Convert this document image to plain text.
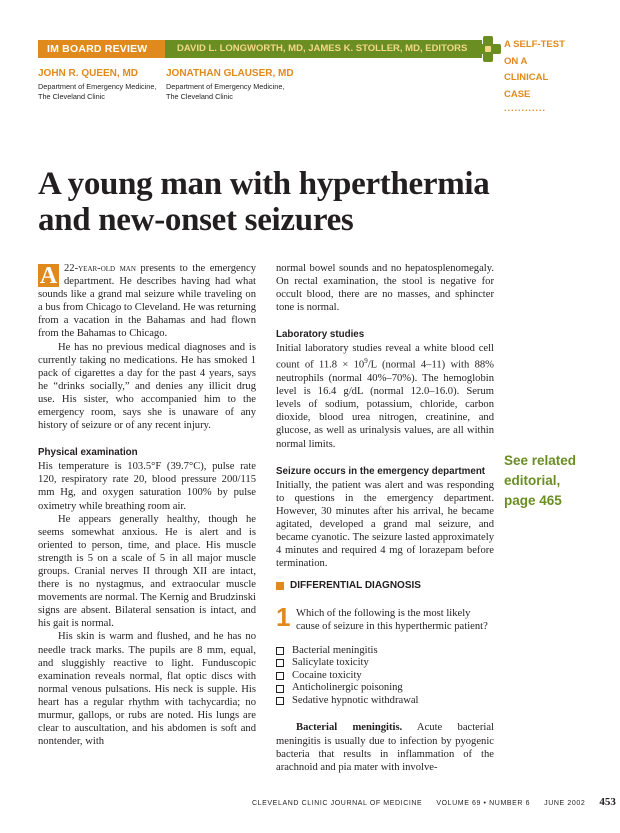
IM BOARD REVIEW	DAVID L. LONGWORTH, MD, JAMES K. STOLLER, MD, EDITORS	A SELF-TEST
ON A
CLINICAL
CASE
............
JOHN R. QUEEN, MD
Department of Emergency Medicine,
The Cleveland Clinic
JONATHAN GLAUSER, MD
Department of Emergency Medicine,
The Cleveland Clinic
A young man with hyperthermia
and new-onset seizures

A 22-year-old man presents to the emergency department. He describes having had what sounds like a grand mal seizure while traveling on a bus from Chicago to Cleveland. He was returning from a vacation in the Bahamas and had flown from the Bahamas to Chicago.

He has no previous medical diagnoses and is currently taking no medications. He has smoked 1 pack of cigarettes a day for the past 4 years, says he “drinks socially,” and denies any illicit drug use. His sister, who accompanied him to the emergency room, says she is unaware of any history of seizure or of any recent injury.

Physical examination

His temperature is 103.5°F (39.7°C), pulse rate 120, respiratory rate 20, blood pressure 200/115 mm Hg, and oxygen saturation 100% by pulse oximetry while breathing room air.

He appears generally healthy, though he seems somewhat anxious. He is alert and is oriented to person, time, and place. His muscle strength is 5 on a scale of 5 in all major muscle groups. Cranial nerves II through XII are intact, there is no nystagmus, and extraocular muscle movements are normal. The Kernig and Brudzinski signs are absent. Bilateral sensation is intact, and his gait is normal.

His skin is warm and flushed, and he has no needle track marks. The pupils are 8 mm, equal, and sluggishly reactive to light. Funduscopic examination reveals normal, flat optic discs with normal venous pulsations. His neck is supple. His heart has a regular rhythm with tachycardia; no murmur, gallops, or rubs are noted. His lungs are clear to auscultation, and his abdomen is soft and nontender, with

normal bowel sounds and no hepatosplenomegaly. On rectal examination, the stool is negative for occult blood, there are no masses, and sphincter tone is normal.

Laboratory studies

Initial laboratory studies reveal a white blood cell count of $11.8 \times 10^9/L$ (normal 4–11) with 88% neutrophils (normal 40%–70%). The hemoglobin level is 16.4 g/dL (normal 12.0–16.0). Serum levels of sodium, potassium, chloride, carbon dioxide, blood urea nitrogen, creatinine, and glucose, as well as urinalysis values, are all within normal limits.

Seizure occurs in the emergency department

Initially, the patient was alert and was responding to questions in the emergency department. However, 30 minutes after his arrival, he became agitated, developed a grand mal seizure, and became cyanotic. The seizure lasted approximately 4 minutes and required 4 mg of lorazepam before termination.

DIFFERENTIAL DIAGNOSIS
1 Which of the following is the most likely cause of seizure in this hyperthermic patient?
Bacterial meningitis
Salicylate toxicity
Cocaine toxicity
Anticholinergic poisoning
Sedative hypnotic withdrawal

Bacterial meningitis. Acute bacterial meningitis is usually due to infection by pyogenic bacteria that results in inflammation of the arachnoid and pia mater with involve-

See related
editorial,
page 465
CLEVELAND CLINIC JOURNAL OF MEDICINE VOLUME 69 • NUMBER 6 JUNE 2002 453
